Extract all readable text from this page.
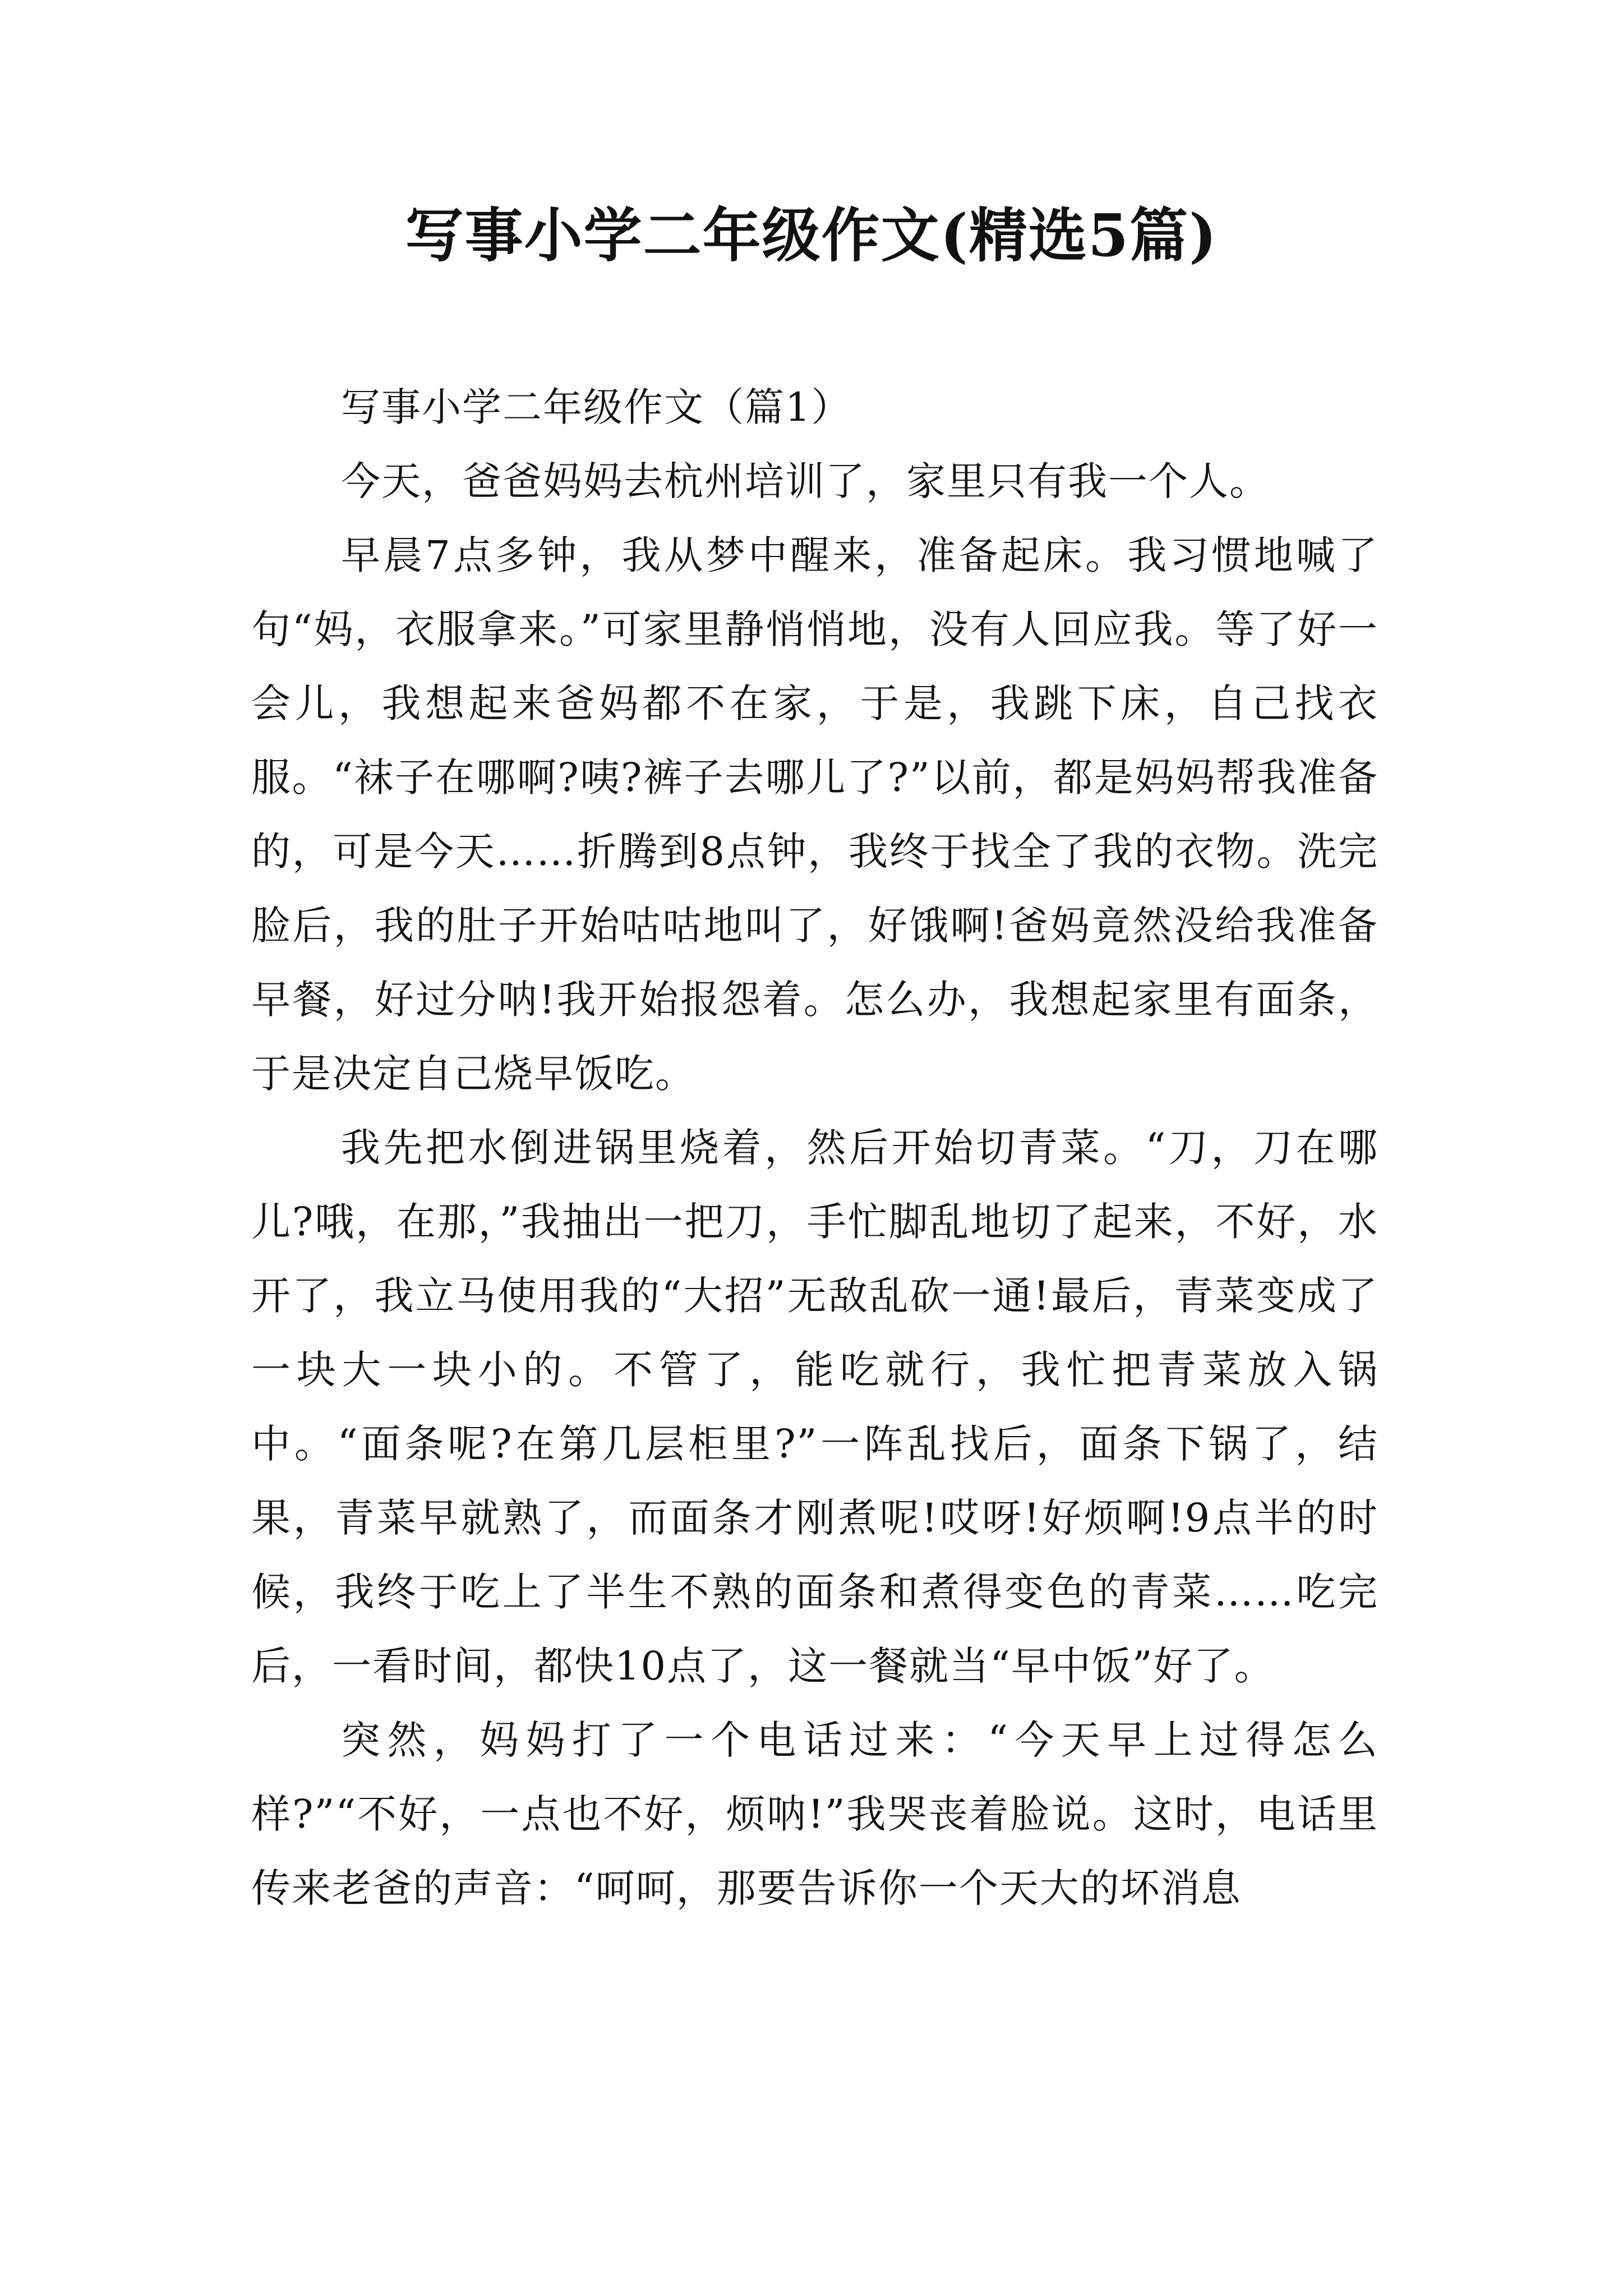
写事小学二年级作文(精选5篇)

写事小学二年级作文（篇1）

今天，爸爸妈妈去杭州培训了，家里只有我一个人。

早晨7点多钟，我从梦中醒来，准备起床。我习惯地喊了句“妈，衣服拿来。”可家里静悄悄地，没有人回应我。等了好一会儿，我想起来爸妈都不在家，于是，我跳下床，自己找衣服。“袜子在哪啊?咦?裤子去哪儿了?”以前，都是妈妈帮我准备的，可是今天……折腾到8点钟，我终于找全了我的衣物。洗完脸后，我的肚子开始咕咕地叫了，好饿啊!爸妈竟然没给我准备早餐，好过分呐!我开始报怨着。怎么办，我想起家里有面条，于是决定自己烧早饭吃。

我先把水倒进锅里烧着，然后开始切青菜。“刀，刀在哪儿?哦，在那，”我抽出一把刀，手忙脚乱地切了起来，不好，水开了，我立马使用我的“大招”无敌乱砍一通!最后，青菜变成了一块大一块小的。不管了，能吃就行，我忙把青菜放入锅中。“面条呢?在第几层柜里?”一阵乱找后，面条下锅了，结果，青菜早就熟了，而面条才刚煮呢!哎呀!好烦啊!9点半的时候，我终于吃上了半生不熟的面条和煮得变色的青菜……吃完后，一看时间，都快10点了，这一餐就当“早中饭”好了。

突然，妈妈打了一个电话过来：“今天早上过得怎么样?”“不好，一点也不好，烦呐!”我哭丧着脸说。这时，电话里传来老爸的声音：“呵呵，那要告诉你一个天大的坏消息
